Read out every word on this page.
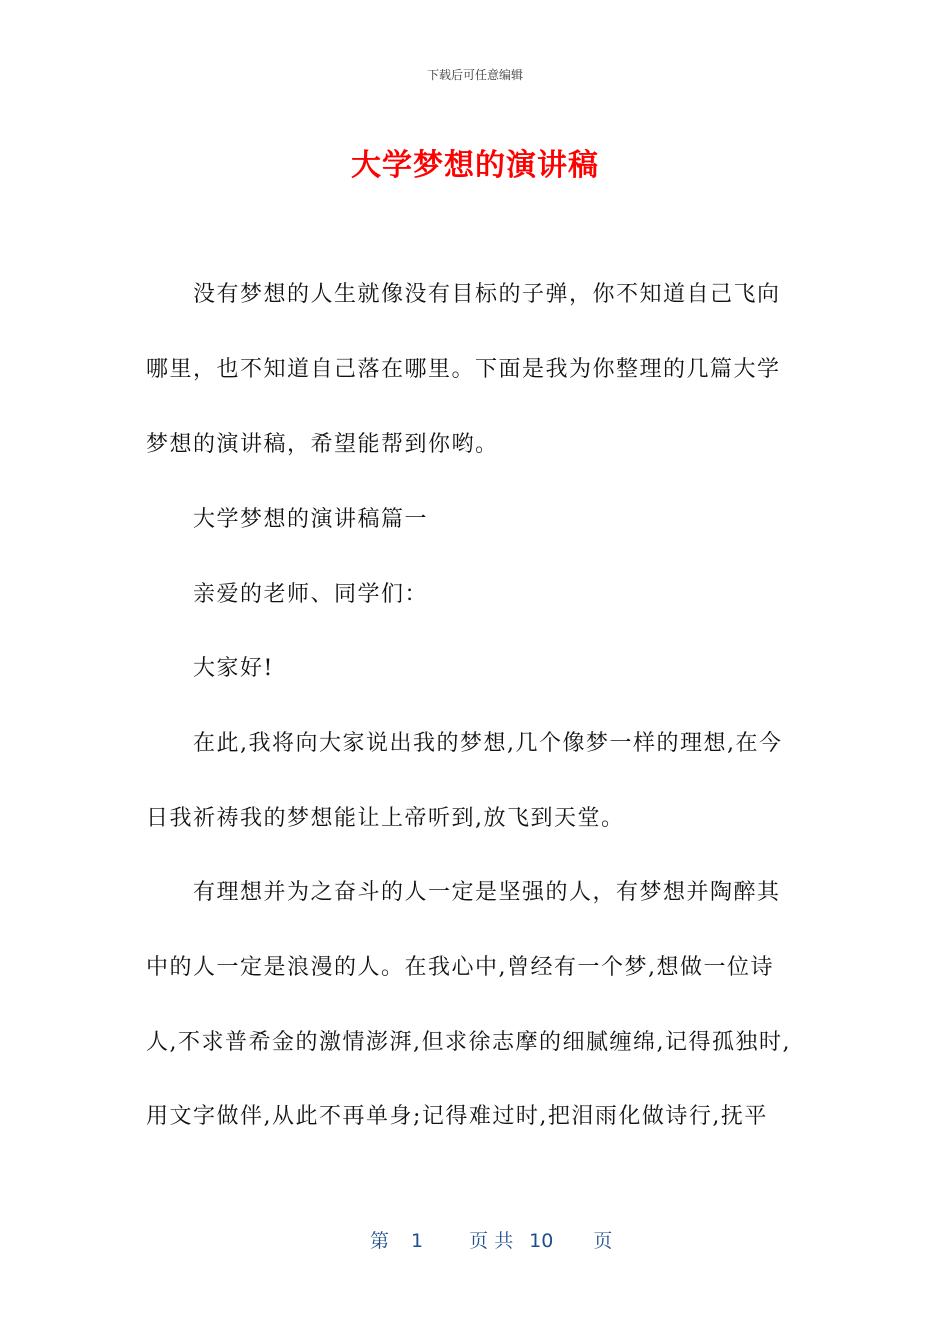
下载后可任意编辑
大学梦想的演讲稿
没有梦想的人生就像没有目标的子弹，你不知道自己飞向
哪里，也不知道自己落在哪里。下面是我为你整理的几篇大学
梦想的演讲稿，希望能帮到你哟。
大学梦想的演讲稿篇一
亲爱的老师、同学们：
大家好!
在此,我将向大家说出我的梦想,几个像梦一样的理想,在今
日我祈祷我的梦想能让上帝听到,放飞到天堂。
有理想并为之奋斗的人一定是坚强的人，有梦想并陶醉其
中的人一定是浪漫的人。在我心中,曾经有一个梦,想做一位诗
人,不求普希金的激情澎湃,但求徐志摩的细腻缠绵,记得孤独时,
用文字做伴,从此不再单身;记得难过时,把泪雨化做诗行,抚平
第 1 页 共 10 页
